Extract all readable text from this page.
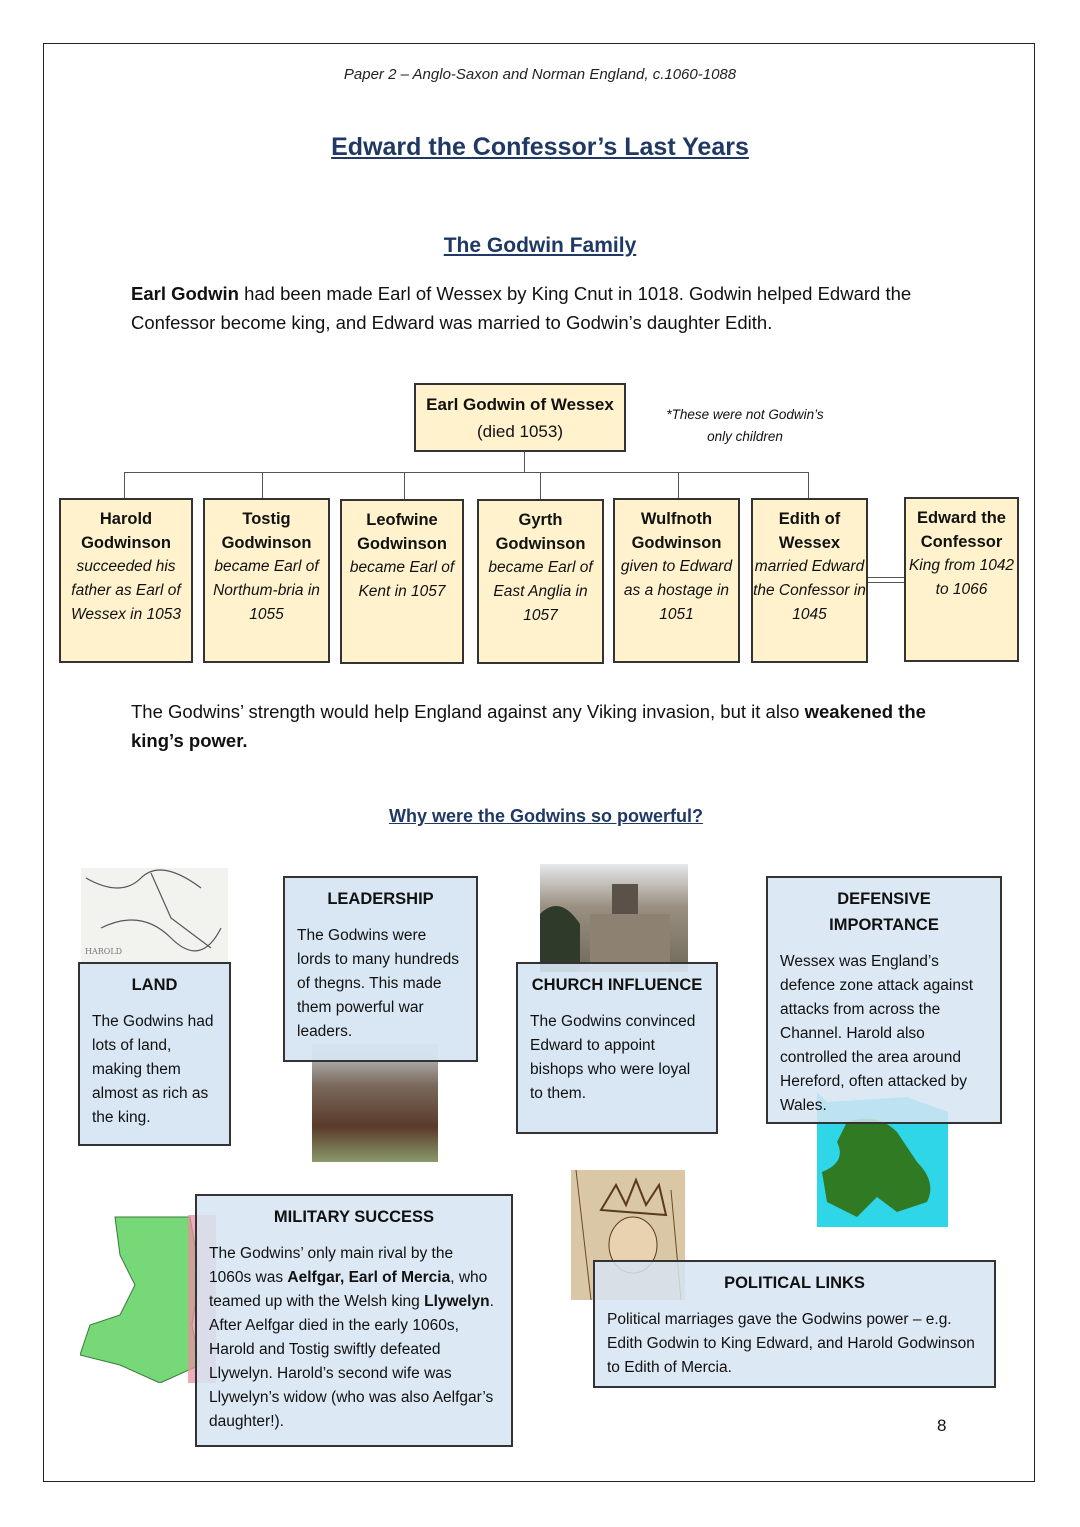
Paper 2 – Anglo-Saxon and Norman England, c.1060-1088
Edward the Confessor’s Last Years
The Godwin Family
Earl Godwin had been made Earl of Wessex by King Cnut in 1018. Godwin helped Edward the Confessor become king, and Edward was married to Godwin’s daughter Edith.
Earl Godwin of Wessex (died 1053)
*These were not Godwin’s only children
Harold Godwinson
succeeded his father as Earl of Wessex in 1053
Tostig Godwinson
became Earl of Northum-bria in 1055
Leofwine Godwinson
became Earl of Kent in 1057
Gyrth Godwinson
became Earl of East Anglia in 1057
Wulfnoth Godwinson
given to Edward as a hostage in 1051
Edith of Wessex
married Edward the Confessor in 1045
Edward the Confessor
King from 1042 to 1066
The Godwins’ strength would help England against any Viking invasion, but it also weakened the king’s power.
Why were the Godwins so powerful?
HAROLD
LAND
The Godwins had lots of land, making them almost as rich as the king.
LEADERSHIP
The Godwins were lords to many hundreds of thegns. This made them powerful war leaders.
CHURCH INFLUENCE
The Godwins convinced Edward to appoint bishops who were loyal to them.
DEFENSIVE IMPORTANCE
Wessex was England’s defence zone attack against attacks from across the Channel. Harold also controlled the area around Hereford, often attacked by Wales.
MILITARY SUCCESS
The Godwins’ only main rival by the 1060s was Aelfgar, Earl of Mercia, who teamed up with the Welsh king Llywelyn. After Aelfgar died in the early 1060s, Harold and Tostig swiftly defeated Llywelyn. Harold’s second wife was Llywelyn’s widow (who was also Aelfgar’s daughter!).
POLITICAL LINKS
Political marriages gave the Godwins power – e.g. Edith Godwin to King Edward, and Harold Godwinson to Edith of Mercia.
8
